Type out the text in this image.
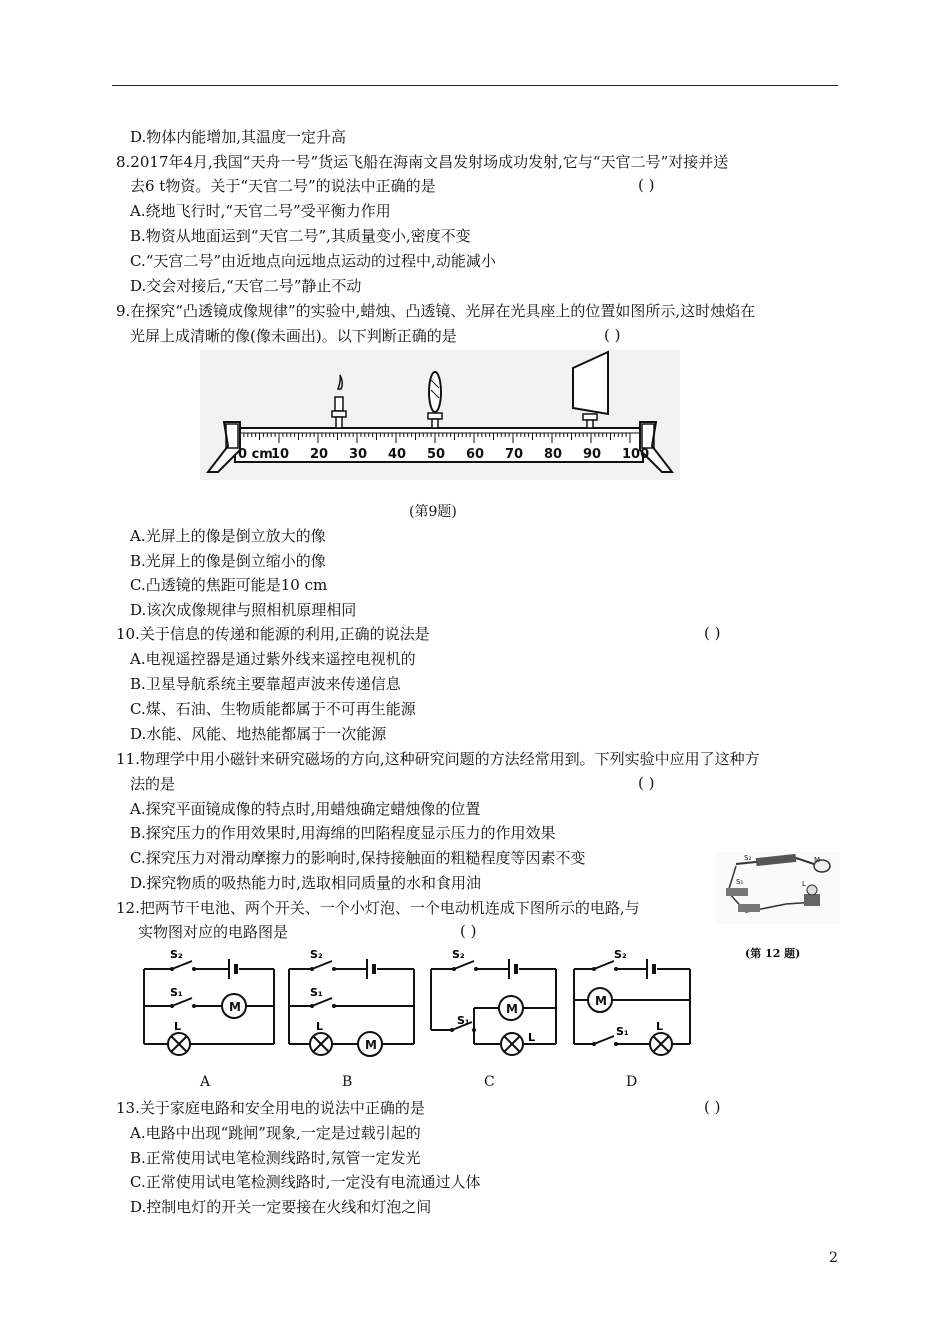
D.物体内能增加,其温度一定升高
8.2017年4月,我国“天舟一号”货运飞船在海南文昌发射场成功发射,它与“天官二号”对接并送
去6 t物资。关于“天官二号”的说法中正确的是	( )
A.绕地飞行时,“天官二号”受平衡力作用
B.物资从地面运到“天官二号”,其质量变小,密度不变
C.“天宫二号”由近地点向远地点运动的过程中,动能减小
D.交会对接后,“天官二号”静止不动
9.在探究“凸透镜成像规律”的实验中,蜡烛、凸透镜、光屏在光具座上的位置如图所示,这时烛焰在
光屏上成清晰的像(像未画出)。以下判断正确的是	( )
0 cm
10 20 30 40 50 60 70 80 90 100
(第9题)
A.光屏上的像是倒立放大的像
B.光屏上的像是倒立缩小的像
C.凸透镜的焦距可能是10 cm
D.该次成像规律与照相机原理相同
10.关于信息的传递和能源的利用,正确的说法是	( )
A.电视遥控器是通过紫外线来遥控电视机的
B.卫星导航系统主要靠超声波来传递信息
C.煤、石油、生物质能都属于不可再生能源
D.水能、风能、地热能都属于一次能源
11.物理学中用小磁针来研究磁场的方向,这种研究问题的方法经常用到。下列实验中应用了这种方
法的是	( )
A.探究平面镜成像的特点时,用蜡烛确定蜡烛像的位置
B.探究压力的作用效果时,用海绵的凹陷程度显示压力的作用效果
C.探究压力对滑动摩擦力的影响时,保持接触面的粗糙程度等因素不变
D.探究物质的吸热能力时,选取相同质量的水和食用油
S₂	M
L
S₁
(第 12 题)
12.把两节干电池、两个开关、一个小灯泡、一个电动机连成下图所示的电路,与
实物图对应的电路图是	( )
M
S₂
S₁
L
S₂
S₁
L
S₂
S₁
L
S₂
S₁ L
A	B	C	D
13.关于家庭电路和安全用电的说法中正确的是	( )
A.电路中出现“跳闸”现象,一定是过载引起的
B.正常使用试电笔检测线路时,氖管一定发光
C.正常使用试电笔检测线路时,一定没有电流通过人体
D.控制电灯的开关一定要接在火线和灯泡之间
2
